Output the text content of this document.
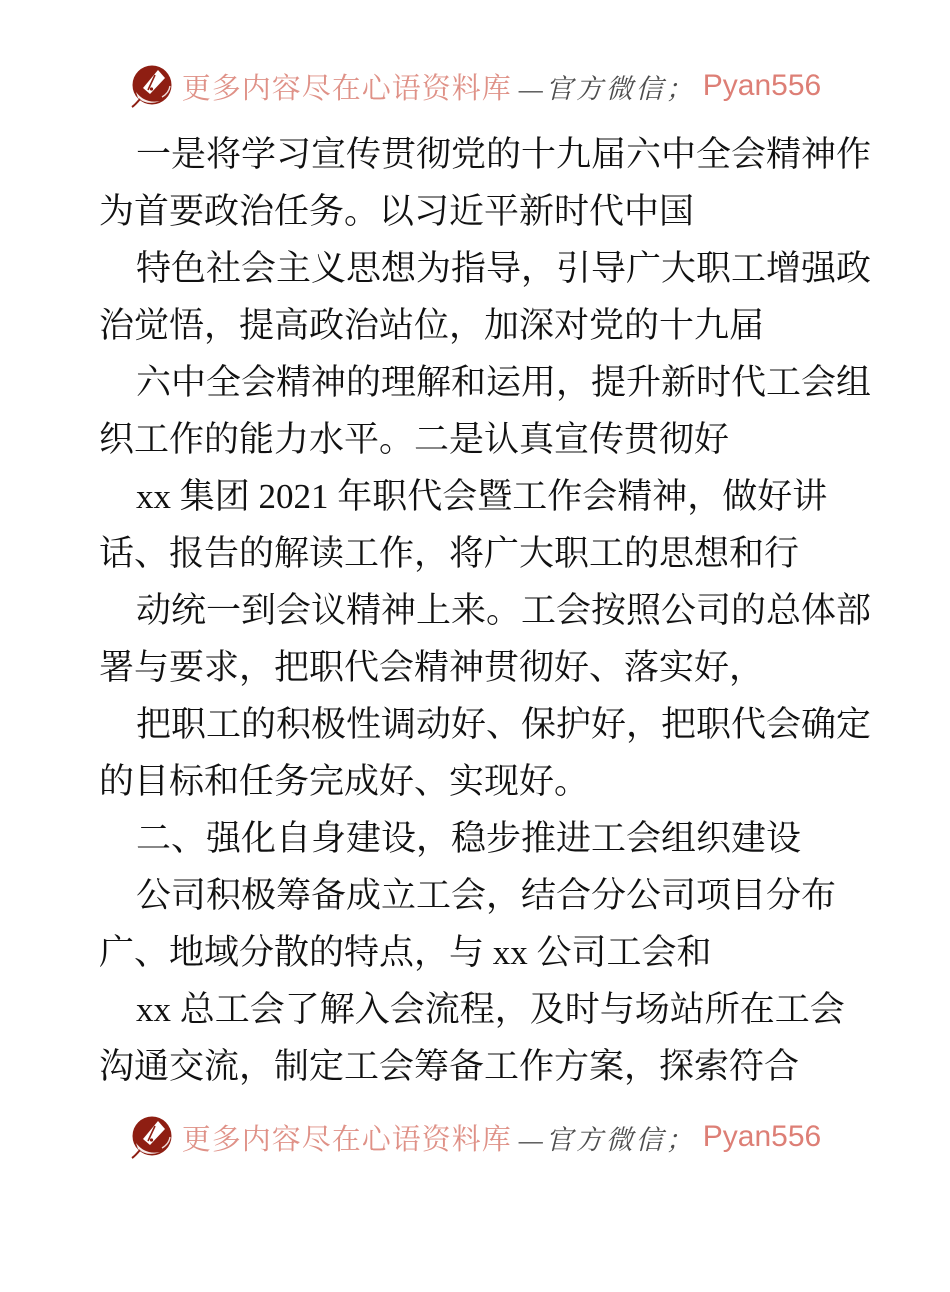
更多内容尽在心语资料库 —官方微信； Pyan556
一是将学习宣传贯彻党的十九届六中全会精神作
为首要政治任务。以习近平新时代中国
特色社会主义思想为指导，引导广大职工增强政
治觉悟，提高政治站位，加深对党的十九届
六中全会精神的理解和运用，提升新时代工会组
织工作的能力水平。二是认真宣传贯彻好
xx 集团 2021 年职代会暨工作会精神，做好讲
话、报告的解读工作，将广大职工的思想和行
动统一到会议精神上来。工会按照公司的总体部
署与要求，把职代会精神贯彻好、落实好，
把职工的积极性调动好、保护好，把职代会确定
的目标和任务完成好、实现好。
二、强化自身建设，稳步推进工会组织建设
公司积极筹备成立工会，结合分公司项目分布
广、地域分散的特点，与 xx 公司工会和
xx 总工会了解入会流程，及时与场站所在工会
沟通交流，制定工会筹备工作方案，探索符合
更多内容尽在心语资料库 —官方微信； Pyan556
